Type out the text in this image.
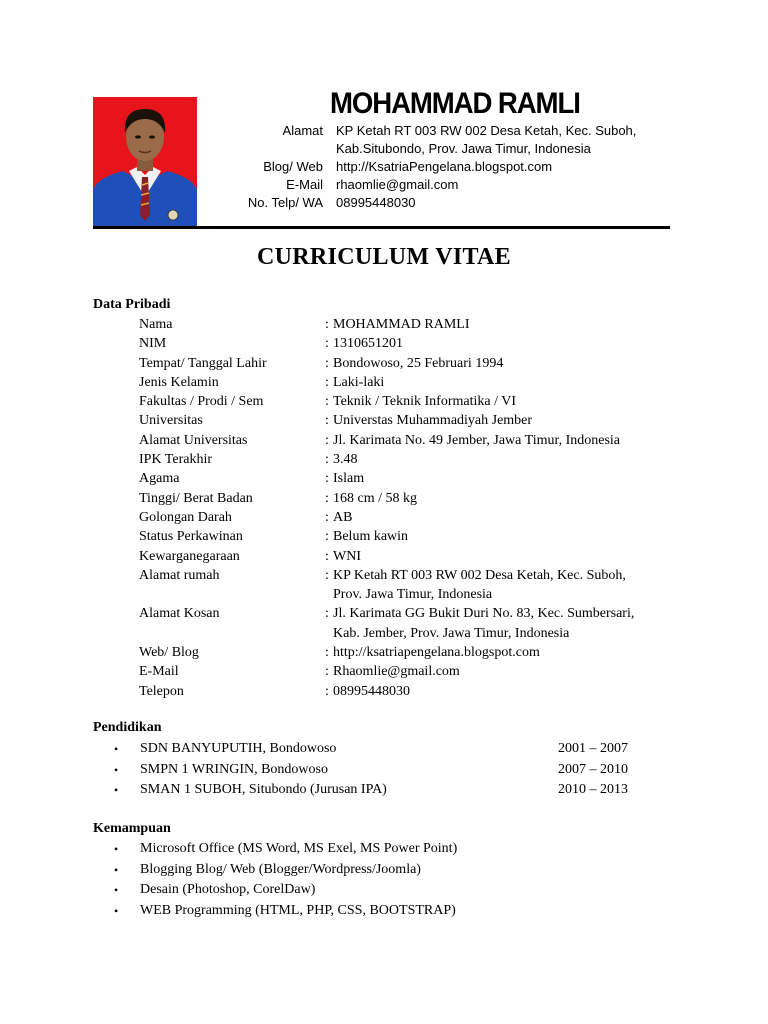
MOHAMMAD RAMLI
Alamat	KP Ketah RT 003 RW 002 Desa Ketah, Kec. Suboh,
Kab.Situbondo, Prov. Jawa Timur, Indonesia
Blog/ Web	http://KsatriaPengelana.blogspot.com
E-Mail	rhaomlie@gmail.com
No. Telp/ WA	08995448030
CURRICULUM VITAE
Data Pribadi
Nama	: MOHAMMAD RAMLI
NIM	: 1310651201
Tempat/ Tanggal Lahir	: Bondowoso, 25 Februari 1994
Jenis Kelamin	: Laki-laki
Fakultas / Prodi / Sem	: Teknik / Teknik Informatika / VI
Universitas	: Universtas Muhammadiyah Jember
Alamat Universitas	: Jl. Karimata No. 49 Jember, Jawa Timur, Indonesia
IPK Terakhir	: 3.48
Agama	: Islam
Tinggi/ Berat Badan	: 168 cm / 58 kg
Golongan Darah	: AB
Status Perkawinan	: Belum kawin
Kewarganegaraan	: WNI
Alamat rumah	: KP Ketah RT 003 RW 002 Desa Ketah, Kec. Suboh,
Prov. Jawa Timur, Indonesia
Alamat Kosan	: Jl. Karimata GG Bukit Duri No. 83, Kec. Sumbersari,
Kab. Jember, Prov. Jawa Timur, Indonesia
Web/ Blog	: http://ksatriapengelana.blogspot.com
E-Mail	: Rhaomlie@gmail.com
Telepon	: 08995448030
Pendidikan
•	SDN BANYUPUTIH, Bondowoso	2001 – 2007
•	SMPN 1 WRINGIN, Bondowoso	2007 – 2010
•	SMAN 1 SUBOH, Situbondo (Jurusan IPA)	2010 – 2013
Kemampuan
•	Microsoft Office (MS Word, MS Exel, MS Power Point)
•	Blogging Blog/ Web (Blogger/Wordpress/Joomla)
•	Desain (Photoshop, CorelDaw)
•	WEB Programming (HTML, PHP, CSS, BOOTSTRAP)
